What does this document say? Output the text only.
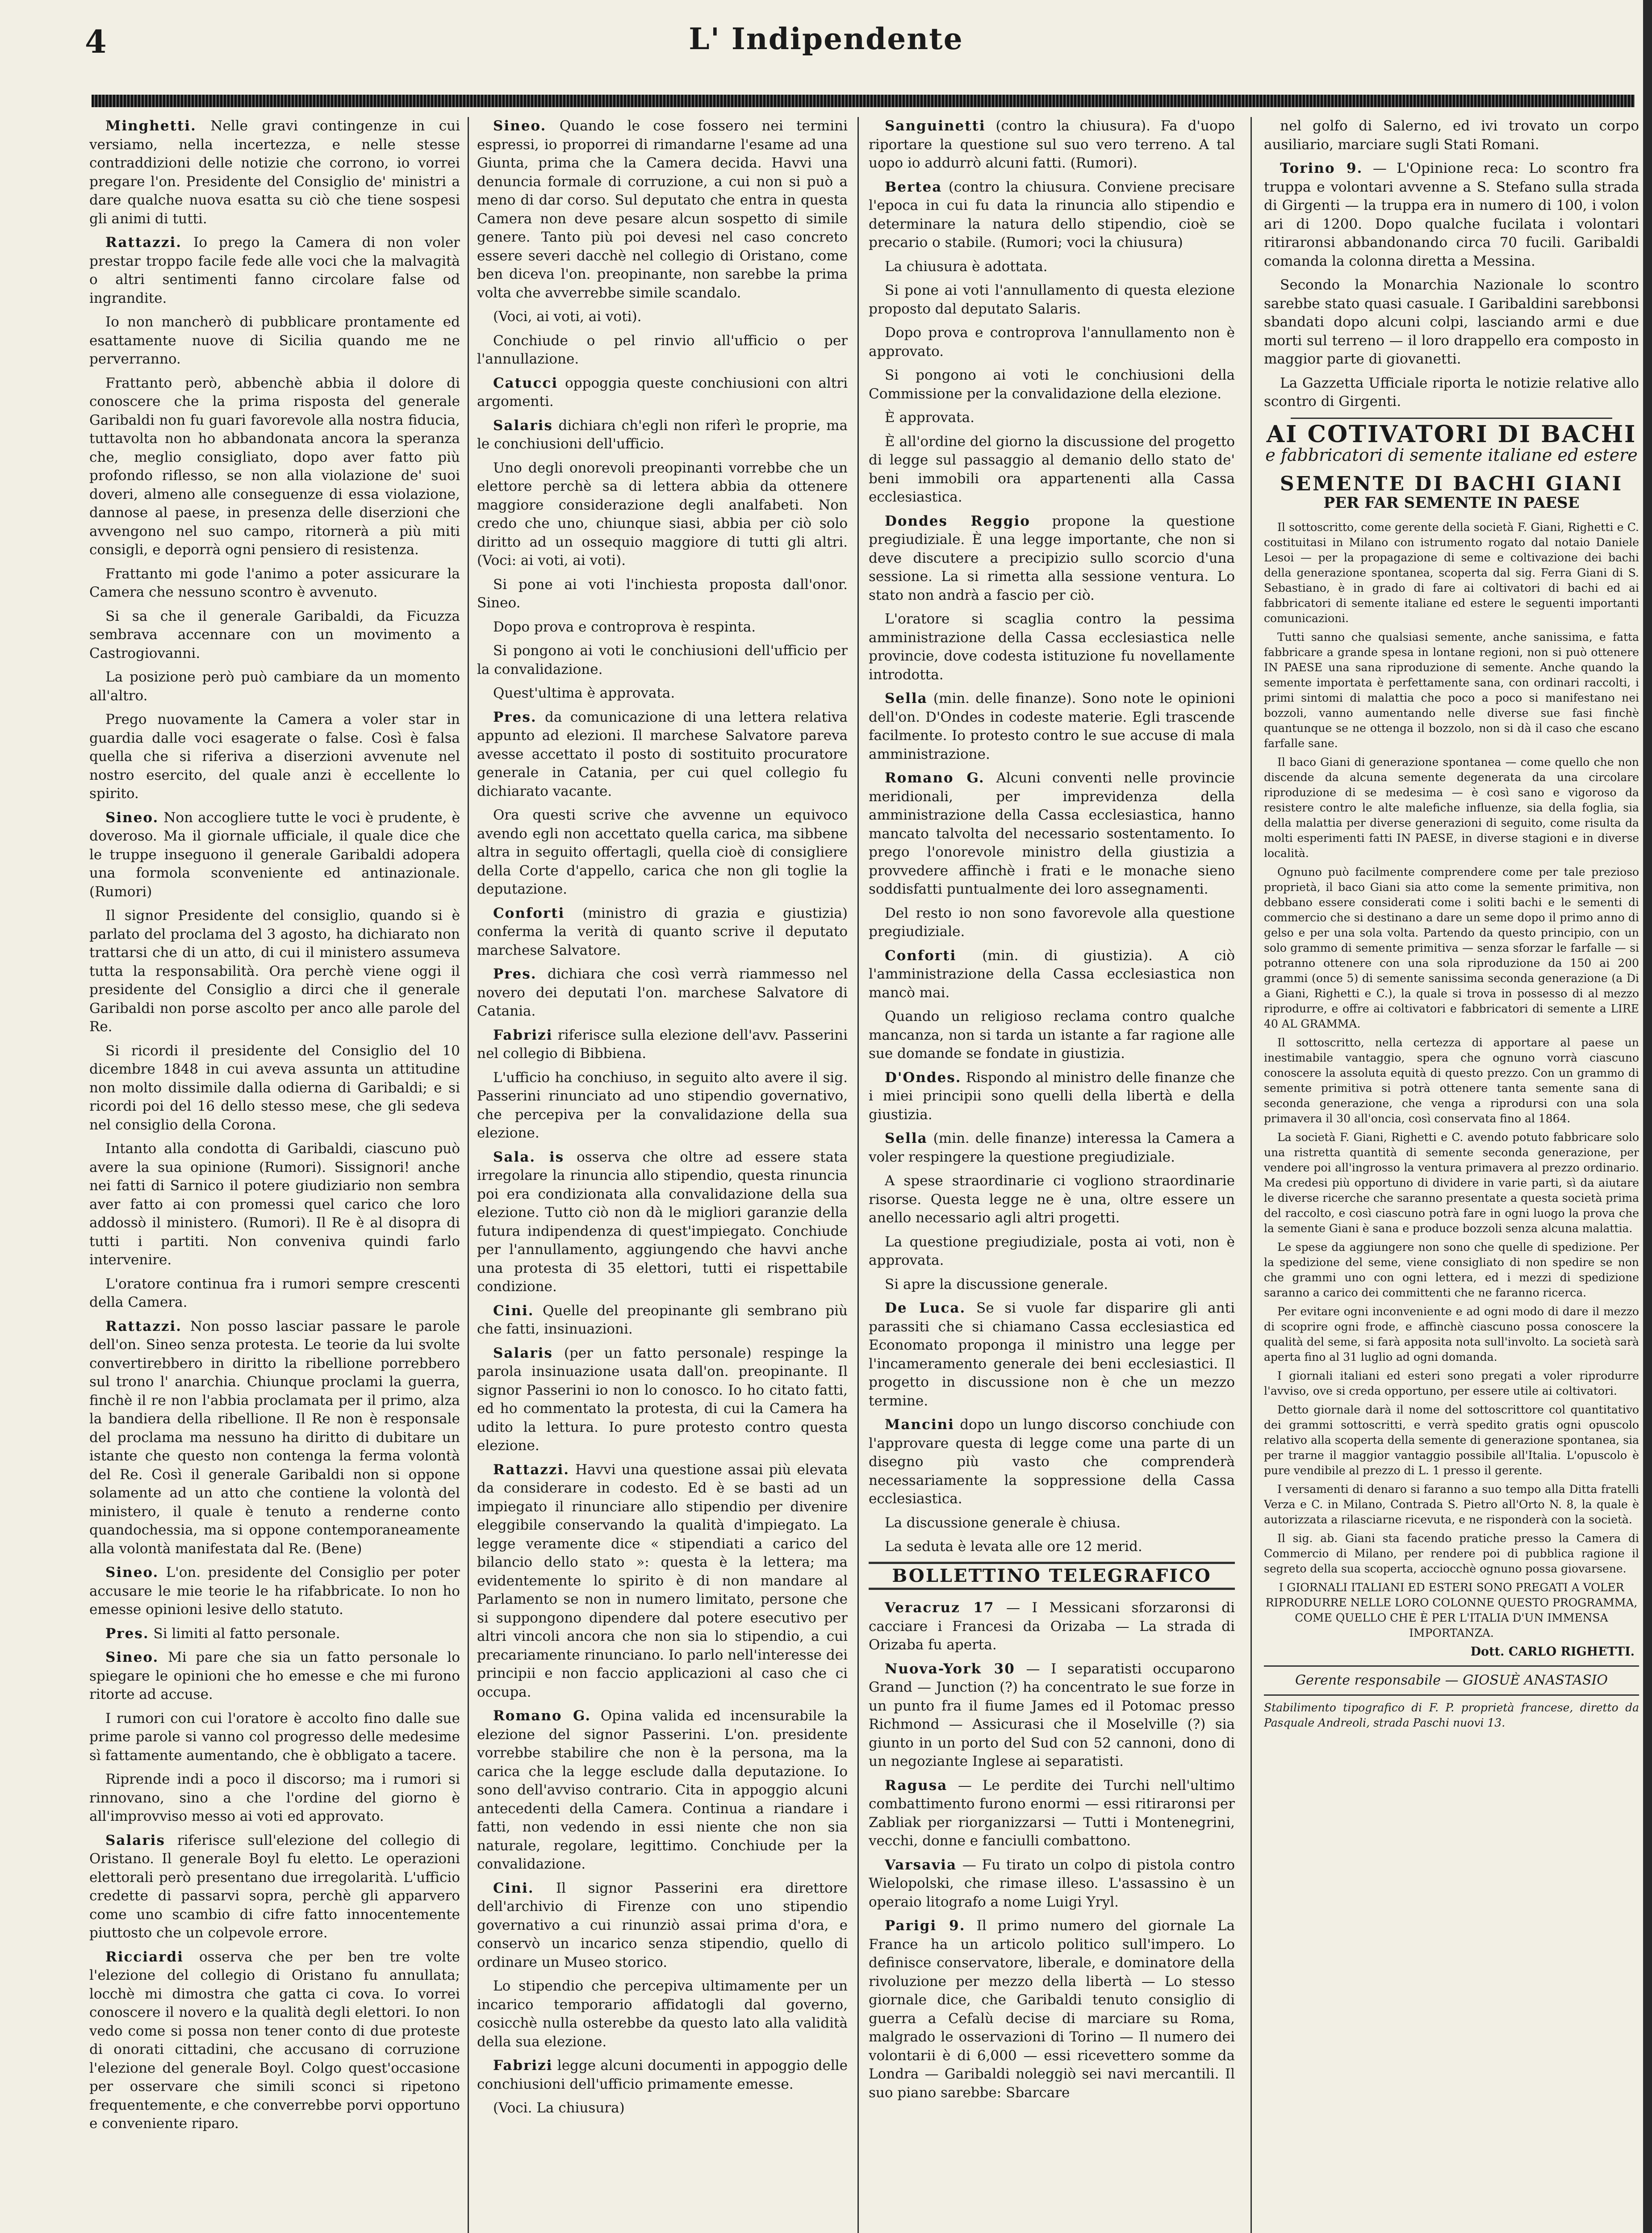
4	L' Indipendente

Minghetti. Nelle gravi contingenze in cui versiamo, nella incertezza, e nelle stesse contraddizioni delle notizie che corrono, io vorrei pregare l'on. Presidente del Consiglio de' ministri a dare qualche nuova esatta su ciò che tiene sospesi gli animi di tutti.

Rattazzi. Io prego la Camera di non voler prestar troppo facile fede alle voci che la malvagità o altri sentimenti fanno circolare false od ingrandite.

Io non mancherò di pubblicare prontamente ed esattamente nuove di Sicilia quando me ne perverranno.

Frattanto però, abbenchè abbia il dolore di conoscere che la prima risposta del generale Garibaldi non fu guari favorevole alla nostra fiducia, tuttavolta non ho abbandonata ancora la speranza che, meglio consigliato, dopo aver fatto più profondo riflesso, se non alla violazione de' suoi doveri, almeno alle conseguenze di essa violazione, dannose al paese, in presenza delle diserzioni che avvengono nel suo campo, ritornerà a più miti consigli, e deporrà ogni pensiero di resistenza.

Frattanto mi gode l'animo a poter assicurare la Camera che nessuno scontro è avvenuto.

Si sa che il generale Garibaldi, da Ficuzza sembrava accennare con un movimento a Castrogiovanni.

La posizione però può cambiare da un momento all'altro.

Prego nuovamente la Camera a voler star in guardia dalle voci esagerate o false. Così è falsa quella che si riferiva a diserzioni avvenute nel nostro esercito, del quale anzi è eccellente lo spirito.

Sineo. Non accogliere tutte le voci è prudente, è doveroso. Ma il giornale ufficiale, il quale dice che le truppe inseguono il generale Garibaldi adopera una formola sconveniente ed antinazionale. (Rumori)

Il signor Presidente del consiglio, quando si è parlato del proclama del 3 agosto, ha dichiarato non trattarsi che di un atto, di cui il ministero assumeva tutta la responsabilità. Ora perchè viene oggi il presidente del Consiglio a dirci che il generale Garibaldi non porse ascolto per anco alle parole del Re.

Si ricordi il presidente del Consiglio del 10 dicembre 1848 in cui aveva assunta un attitudine non molto dissimile dalla odierna di Garibaldi; e si ricordi poi del 16 dello stesso mese, che gli sedeva nel consiglio della Corona.

Intanto alla condotta di Garibaldi, ciascuno può avere la sua opinione (Rumori). Sissignori! anche nei fatti di Sarnico il potere giudiziario non sembra aver fatto ai con promessi quel carico che loro addossò il ministero. (Rumori). Il Re è al disopra di tutti i partiti. Non conveniva quindi farlo intervenire.

L'oratore continua fra i rumori sempre crescenti della Camera.

Rattazzi. Non posso lasciar passare le parole dell'on. Sineo senza protesta. Le teorie da lui svolte convertirebbero in diritto la ribellione porrebbero sul trono l' anarchia. Chiunque proclami la guerra, finchè il re non l'abbia proclamata per il primo, alza la bandiera della ribellione. Il Re non è responsale del proclama ma nessuno ha diritto di dubitare un istante che questo non contenga la ferma volontà del Re. Così il generale Garibaldi non si oppone solamente ad un atto che contiene la volontà del ministero, il quale è tenuto a renderne conto quandochessia, ma si oppone contemporaneamente alla volontà manifestata dal Re. (Bene)

Sineo. L'on. presidente del Consiglio per poter accusare le mie teorie le ha rifabbricate. Io non ho emesse opinioni lesive dello statuto.

Pres. Si limiti al fatto personale.

Sineo. Mi pare che sia un fatto personale lo spiegare le opinioni che ho emesse e che mi furono ritorte ad accuse.

I rumori con cui l'oratore è accolto fino dalle sue prime parole si vanno col progresso delle medesime sì fattamente aumentando, che è obbligato a tacere.

Riprende indi a poco il discorso; ma i rumori si rinnovano, sino a che l'ordine del giorno è all'improvviso messo ai voti ed approvato.

Salaris riferisce sull'elezione del collegio di Oristano. Il generale Boyl fu eletto. Le operazioni elettorali però presentano due irregolarità. L'ufficio credette di passarvi sopra, perchè gli apparvero come uno scambio di cifre fatto innocentemente piuttosto che un colpevole errore.

Ricciardi osserva che per ben tre volte l'elezione del collegio di Oristano fu annullata; locchè mi dimostra che gatta ci cova. Io vorrei conoscere il novero e la qualità degli elettori. Io non vedo come si possa non tener conto di due proteste di onorati cittadini, che accusano di corruzione l'elezione del generale Boyl. Colgo quest'occasione per osservare che simili sconci si ripetono frequentemente, e che converrebbe porvi opportuno e conveniente riparo.

Sineo. Quando le cose fossero nei termini espressi, io proporrei di rimandarne l'esame ad una Giunta, prima che la Camera decida. Havvi una denuncia formale di corruzione, a cui non si può a meno di dar corso. Sul deputato che entra in questa Camera non deve pesare alcun sospetto di simile genere. Tanto più poi devesi nel caso concreto essere severi dacchè nel collegio di Oristano, come ben diceva l'on. preopinante, non sarebbe la prima volta che avverrebbe simile scandalo.

(Voci, ai voti, ai voti).

Conchiude o pel rinvio all'ufficio o per l'annullazione.

Catucci oppoggia queste conchiusioni con altri argomenti.

Salaris dichiara ch'egli non riferì le proprie, ma le conchiusioni dell'ufficio.

Uno degli onorevoli preopinanti vorrebbe che un elettore perchè sa di lettera abbia da ottenere maggiore considerazione degli analfabeti. Non credo che uno, chiunque siasi, abbia per ciò solo diritto ad un ossequio maggiore di tutti gli altri. (Voci: ai voti, ai voti).

Si pone ai voti l'inchiesta proposta dall'onor. Sineo.

Dopo prova e controprova è respinta.

Si pongono ai voti le conchiusioni dell'ufficio per la convalidazione.

Quest'ultima è approvata.

Pres. da comunicazione di una lettera relativa appunto ad elezioni. Il marchese Salvatore pareva avesse accettato il posto di sostituito procuratore generale in Catania, per cui quel collegio fu dichiarato vacante.

Ora questi scrive che avvenne un equivoco avendo egli non accettato quella carica, ma sibbene altra in seguito offertagli, quella cioè di consigliere della Corte d'appello, carica che non gli toglie la deputazione.

Conforti (ministro di grazia e giustizia) conferma la verità di quanto scrive il deputato marchese Salvatore.

Pres. dichiara che così verrà riammesso nel novero dei deputati l'on. marchese Salvatore di Catania.

Fabrizi riferisce sulla elezione dell'avv. Passerini nel collegio di Bibbiena.

L'ufficio ha conchiuso, in seguito alto avere il sig. Passerini rinunciato ad uno stipendio governativo, che percepiva per la convalidazione della sua elezione.

Sala. is osserva che oltre ad essere stata irregolare la rinuncia allo stipendio, questa rinuncia poi era condizionata alla convalidazione della sua elezione. Tutto ciò non dà le migliori garanzie della futura indipendenza di quest'impiegato. Conchiude per l'annullamento, aggiungendo che havvi anche una protesta di 35 elettori, tutti ei rispettabile condizione.

Cini. Quelle del preopinante gli sembrano più che fatti, insinuazioni.

Salaris (per un fatto personale) respinge la parola insinuazione usata dall'on. preopinante. Il signor Passerini io non lo conosco. Io ho citato fatti, ed ho commentato la protesta, di cui la Camera ha udito la lettura. Io pure protesto contro questa elezione.

Rattazzi. Havvi una questione assai più elevata da considerare in codesto. Ed è se basti ad un impiegato il rinunciare allo stipendio per divenire eleggibile conservando la qualità d'impiegato. La legge veramente dice « stipendiati a carico del bilancio dello stato »: questa è la lettera; ma evidentemente lo spirito è di non mandare al Parlamento se non in numero limitato, persone che si suppongono dipendere dal potere esecutivo per altri vincoli ancora che non sia lo stipendio, a cui precariamente rinunciano. Io parlo nell'interesse dei principii e non faccio applicazioni al caso che ci occupa.

Romano G. Opina valida ed incensurabile la elezione del signor Passerini. L'on. presidente vorrebbe stabilire che non è la persona, ma la carica che la legge esclude dalla deputazione. Io sono dell'avviso contrario. Cita in appoggio alcuni antecedenti della Camera. Continua a riandare i fatti, non vedendo in essi niente che non sia naturale, regolare, legittimo. Conchiude per la convalidazione.

Cini. Il signor Passerini era direttore dell'archivio di Firenze con uno stipendio governativo a cui rinunziò assai prima d'ora, e conservò un incarico senza stipendio, quello di ordinare un Museo storico.

Lo stipendio che percepiva ultimamente per un incarico temporario affidatogli dal governo, cosicchè nulla osterebbe da questo lato alla validità della sua elezione.

Fabrizi legge alcuni documenti in appoggio delle conchiusioni dell'ufficio primamente emesse.

(Voci. La chiusura)

Sanguinetti (contro la chiusura). Fa d'uopo riportare la questione sul suo vero terreno. A tal uopo io addurrò alcuni fatti. (Rumori).

Bertea (contro la chiusura. Conviene precisare l'epoca in cui fu data la rinuncia allo stipendio e determinare la natura dello stipendio, cioè se precario o stabile. (Rumori; voci la chiusura)

La chiusura è adottata.

Si pone ai voti l'annullamento di questa elezione proposto dal deputato Salaris.

Dopo prova e controprova l'annullamento non è approvato.

Si pongono ai voti le conchiusioni della Commissione per la convalidazione della elezione.

È approvata.

È all'ordine del giorno la discussione del progetto di legge sul passaggio al demanio dello stato de' beni immobili ora appartenenti alla Cassa ecclesiastica.

Dondes Reggio propone la questione pregiudiziale. È una legge importante, che non si deve discutere a precipizio sullo scorcio d'una sessione. La si rimetta alla sessione ventura. Lo stato non andrà a fascio per ciò.

L'oratore si scaglia contro la pessima amministrazione della Cassa ecclesiastica nelle provincie, dove codesta istituzione fu novellamente introdotta.

Sella (min. delle finanze). Sono note le opinioni dell'on. D'Ondes in codeste materie. Egli trascende facilmente. Io protesto contro le sue accuse di mala amministrazione.

Romano G. Alcuni conventi nelle provincie meridionali, per imprevidenza della amministrazione della Cassa ecclesiastica, hanno mancato talvolta del necessario sostentamento. Io prego l'onorevole ministro della giustizia a provvedere affinchè i frati e le monache sieno soddisfatti puntualmente dei loro assegnamenti.

Del resto io non sono favorevole alla questione pregiudiziale.

Conforti (min. di giustizia). A ciò l'amministrazione della Cassa ecclesiastica non mancò mai.

Quando un religioso reclama contro qualche mancanza, non si tarda un istante a far ragione alle sue domande se fondate in giustizia.

D'Ondes. Rispondo al ministro delle finanze che i miei principii sono quelli della libertà e della giustizia.

Sella (min. delle finanze) interessa la Camera a voler respingere la questione pregiudiziale.

A spese straordinarie ci vogliono straordinarie risorse. Questa legge ne è una, oltre essere un anello necessario agli altri progetti.

La questione pregiudiziale, posta ai voti, non è approvata.

Si apre la discussione generale.

De Luca. Se si vuole far disparire gli anti parassiti che si chiamano Cassa ecclesiastica ed Economato proponga il ministro una legge per l'incameramento generale dei beni ecclesiastici. Il progetto in discussione non è che un mezzo termine.

Mancini dopo un lungo discorso conchiude con l'approvare questa di legge come una parte di un disegno più vasto che comprenderà necessariamente la soppressione della Cassa ecclesiastica.

La discussione generale è chiusa.

La seduta è levata alle ore 12 merid.

BOLLETTINO TELEGRAFICO

Veracruz 17 — I Messicani sforzaronsi di cacciare i Francesi da Orizaba — La strada di Orizaba fu aperta.

Nuova-York 30 — I separatisti occuparono Grand — Junction (?) ha concentrato le sue forze in un punto fra il fiume James ed il Potomac presso Richmond — Assicurasi che il Moselville (?) sia giunto in un porto del Sud con 52 cannoni, dono di un negoziante Inglese ai separatisti.

Ragusa — Le perdite dei Turchi nell'ultimo combattimento furono enormi — essi ritiraronsi per Zabliak per riorganizzarsi — Tutti i Montenegrini, vecchi, donne e fanciulli combattono.

Varsavia — Fu tirato un colpo di pistola contro Wielopolski, che rimase illeso. L'assassino è un operaio litografo a nome Luigi Yryl.

Parigi 9. Il primo numero del giornale La France ha un articolo politico sull'impero. Lo definisce conservatore, liberale, e dominatore della rivoluzione per mezzo della libertà — Lo stesso giornale dice, che Garibaldi tenuto consiglio di guerra a Cefalù decise di marciare su Roma, malgrado le osservazioni di Torino — Il numero dei volontarii è di 6,000 — essi ricevettero somme da Londra — Garibaldi noleggiò sei navi mercantili. Il suo piano sarebbe: Sbarcare

nel golfo di Salerno, ed ivi trovato un corpo ausiliario, marciare sugli Stati Romani.

Torino 9. — L'Opinione reca: Lo scontro fra truppa e volontari avvenne a S. Stefano sulla strada di Girgenti — la truppa era in numero di 100, i volon ari di 1200. Dopo qualche fucilata i volontari ritiraronsi abbandonando circa 70 fucili. Garibaldi comanda la colonna diretta a Messina.

Secondo la Monarchia Nazionale lo scontro sarebbe stato quasi casuale. I Garibaldini sarebbonsi sbandati dopo alcuni colpi, lasciando armi e due morti sul terreno — il loro drappello era composto in maggior parte di giovanetti.

La Gazzetta Ufficiale riporta le notizie relative allo scontro di Girgenti.

AI COTIVATORI DI BACHI
e fabbricatori di semente italiane ed estere
SEMENTE DI BACHI GIANI
PER FAR SEMENTE IN PAESE

Il sottoscritto, come gerente della società F. Giani, Righetti e C. costituitasi in Milano con istrumento rogato dal notaio Daniele Lesoi — per la propagazione di seme e coltivazione dei bachi della generazione spontanea, scoperta dal sig. Ferra Giani di S. Sebastiano, è in grado di fare ai coltivatori di bachi ed ai fabbricatori di semente italiane ed estere le seguenti importanti comunicazioni.

Tutti sanno che qualsiasi semente, anche sanissima, e fatta fabbricare a grande spesa in lontane regioni, non si può ottenere IN PAESE una sana riproduzione di semente. Anche quando la semente importata è perfettamente sana, con ordinari raccolti, i primi sintomi di malattia che poco a poco si manifestano nei bozzoli, vanno aumentando nelle diverse sue fasi finchè quantunque se ne ottenga il bozzolo, non si dà il caso che escano farfalle sane.

Il baco Giani di generazione spontanea — come quello che non discende da alcuna semente degenerata da una circolare riproduzione di se medesima — è così sano e vigoroso da resistere contro le alte malefiche influenze, sia della foglia, sia della malattia per diverse generazioni di seguito, come risulta da molti esperimenti fatti IN PAESE, in diverse stagioni e in diverse località.

Ognuno può facilmente comprendere come per tale prezioso proprietà, il baco Giani sia atto come la semente primitiva, non debbano essere considerati come i soliti bachi e le sementi di commercio che si destinano a dare un seme dopo il primo anno di gelso e per una sola volta. Partendo da questo principio, con un solo grammo di semente primitiva — senza sforzar le farfalle — si potranno ottenere con una sola riproduzione da 150 ai 200 grammi (once 5) di semente sanissima seconda generazione (a Di a Giani, Righetti e C.), la quale si trova in possesso di al mezzo riprodurre, e offre ai coltivatori e fabbricatori di semente a LIRE 40 AL GRAMMA.

Il sottoscritto, nella certezza di apportare al paese un inestimabile vantaggio, spera che ognuno vorrà ciascuno conoscere la assoluta equità di questo prezzo. Con un grammo di semente primitiva si potrà ottenere tanta semente sana di seconda generazione, che venga a riprodursi con una sola primavera il 30 all'oncia, così conservata fino al 1864.

La società F. Giani, Righetti e C. avendo potuto fabbricare solo una ristretta quantità di semente seconda generazione, per vendere poi all'ingrosso la ventura primavera al prezzo ordinario. Ma credesi più opportuno di dividere in varie parti, sì da aiutare le diverse ricerche che saranno presentate a questa società prima del raccolto, e così ciascuno potrà fare in ogni luogo la prova che la semente Giani è sana e produce bozzoli senza alcuna malattia.

Le spese da aggiungere non sono che quelle di spedizione. Per la spedizione del seme, viene consigliato di non spedire se non che grammi uno con ogni lettera, ed i mezzi di spedizione saranno a carico dei committenti che ne faranno ricerca.

Per evitare ogni inconveniente e ad ogni modo di dare il mezzo di scoprire ogni frode, e affinchè ciascuno possa conoscere la qualità del seme, si farà apposita nota sull'involto. La società sarà aperta fino al 31 luglio ad ogni domanda.

I giornali italiani ed esteri sono pregati a voler riprodurre l'avviso, ove si creda opportuno, per essere utile ai coltivatori.

Detto giornale darà il nome del sottoscrittore col quantitativo dei grammi sottoscritti, e verrà spedito gratis ogni opuscolo relativo alla scoperta della semente di generazione spontanea, sia per trarne il maggior vantaggio possibile all'Italia. L'opuscolo è pure vendibile al prezzo di L. 1 presso il gerente.

I versamenti di denaro si faranno a suo tempo alla Ditta fratelli Verza e C. in Milano, Contrada S. Pietro all'Orto N. 8, la quale è autorizzata a rilasciarne ricevuta, e ne risponderà con la società.

Il sig. ab. Giani sta facendo pratiche presso la Camera di Commercio di Milano, per rendere poi di pubblica ragione il segreto della sua scoperta, acciocchè ognuno possa giovarsene.

I GIORNALI ITALIANI ED ESTERI SONO PREGATI A VOLER RIPRODURRE NELLE LORO COLONNE QUESTO PROGRAMMA, COME QUELLO CHE È PER L'ITALIA D'UN IMMENSA IMPORTANZA.
Dott. CARLO RIGHETTI.
Gerente responsabile — GIOSUÈ ANASTASIO
Stabilimento tipografico di F. P. proprietà francese, diretto da Pasquale Andreoli, strada Paschi nuovi 13.
